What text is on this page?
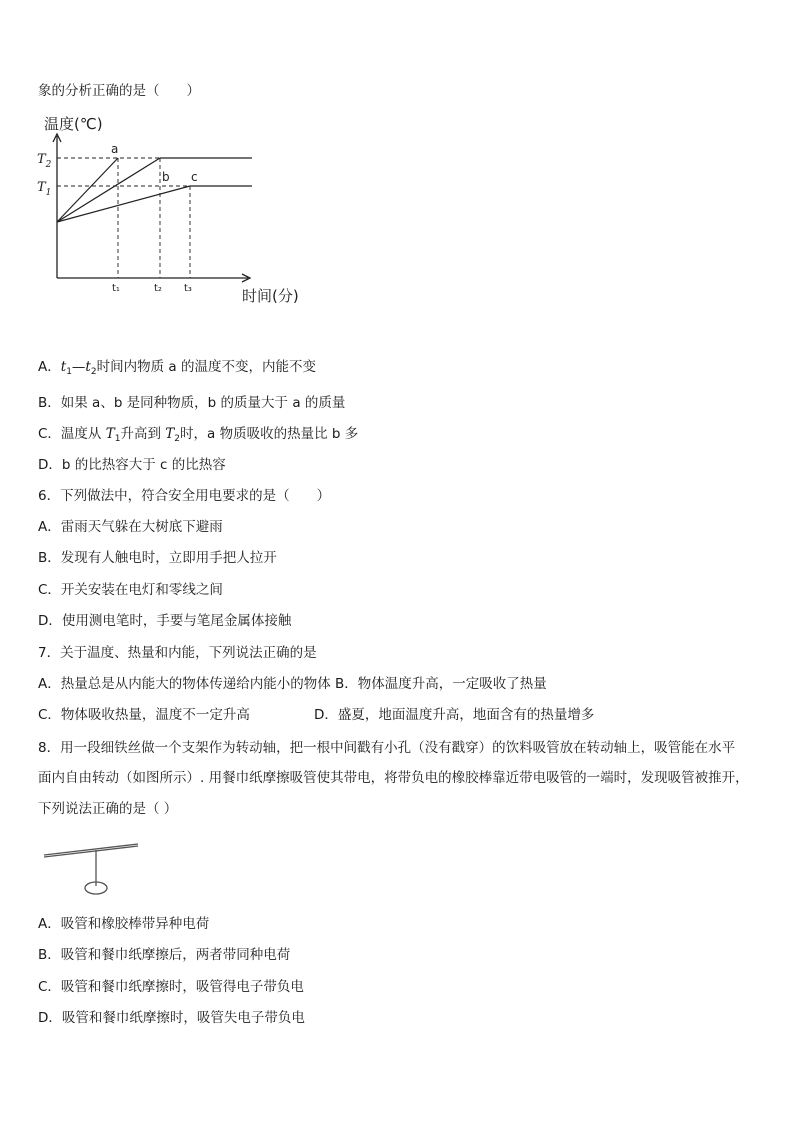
象的分析正确的是（　　）
温度(℃)
时间(分)
$T_2$
$T_1$
a
b c
t₁	t₂ t₃
A．$t_1—t_2$时间内物质 a 的温度不变，内能不变
B．如果 a、b 是同种物质，b 的质量大于 a 的质量
C．温度从 $T_1$升高到 $T_2$时，a 物质吸收的热量比 b 多
D．b 的比热容大于 c 的比热容
6．下列做法中，符合安全用电要求的是（　　）
A．雷雨天气躲在大树底下避雨
B．发现有人触电时，立即用手把人拉开
C．开关安装在电灯和零线之间
D．使用测电笔时，手要与笔尾金属体接触
7．关于温度、热量和内能，下列说法正确的是
A．热量总是从内能大的物体传递给内能小的物体 B．物体温度升高，一定吸收了热量
C．物体吸收热量，温度不一定升高	D．盛夏，地面温度升高，地面含有的热量增多
8．用一段细铁丝做一个支架作为转动轴，把一根中间戳有小孔（没有戳穿）的饮料吸管放在转动轴上，吸管能在水平
面内自由转动（如图所示）. 用餐巾纸摩擦吸管使其带电，将带负电的橡胶棒靠近带电吸管的一端时，发现吸管被推开，
下列说法正确的是（ ）
A．吸管和橡胶棒带异种电荷
B．吸管和餐巾纸摩擦后，两者带同种电荷
C．吸管和餐巾纸摩擦时，吸管得电子带负电
D．吸管和餐巾纸摩擦时，吸管失电子带负电
